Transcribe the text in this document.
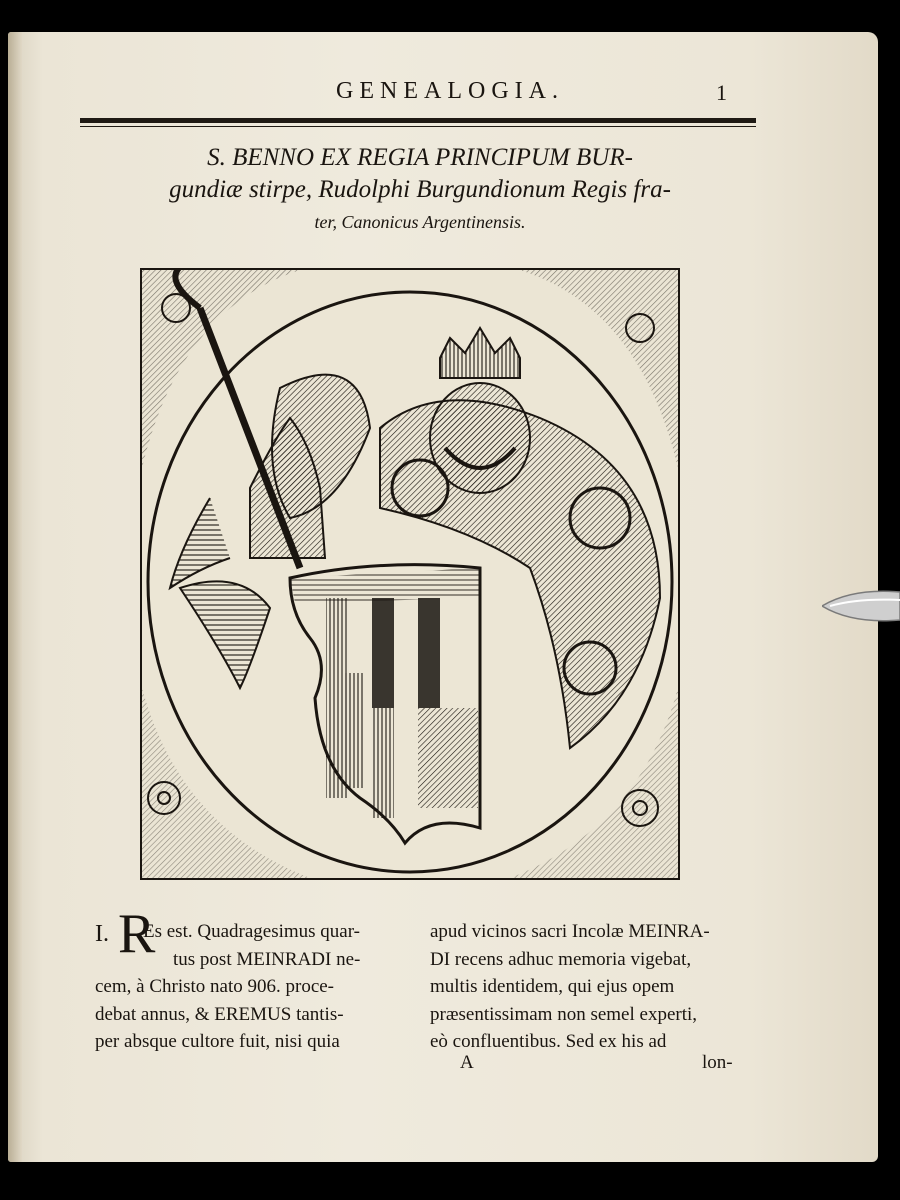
GENEALOGIA.	1
S. BENNO EX REGIA PRINCIPUM BUR-
gundiæ stirpe, Rudolphi Burgundionum Regis fra-
ter, Canonicus Argentinensis.
I. R
Es est. Quadragesimus quar-
tus post MEINRADI ne-
cem, à Christo nato 906. proce-
debat annus, & EREMUS tantis-
per absque cultore fuit, nisi quia
apud vicinos sacri Incolæ MEINRA-
DI recens adhuc memoria vigebat,
multis identidem, qui ejus opem
præsentissimam non semel experti,
eò confluentibus. Sed ex his ad
A	lon-
